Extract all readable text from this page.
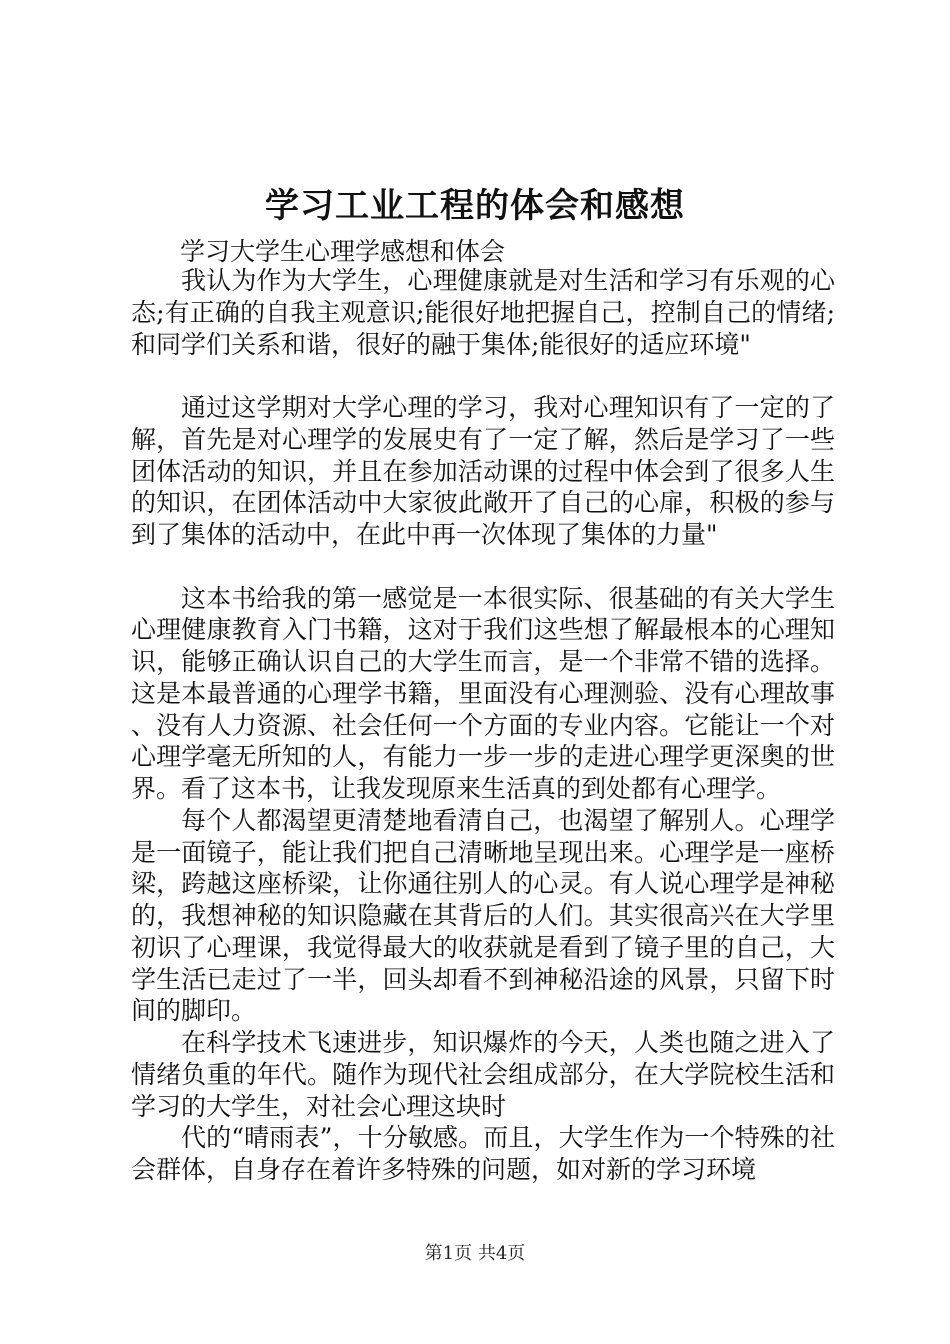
学习工业工程的体会和感想
学习大学生心理学感想和体会

我认为作为大学生，心理健康就是对生活和学习有乐观的心态;有正确的自我主观意识;能很好地把握自己，控制自己的情绪;和同学们关系和谐，很好的融于集体;能很好的适应环境"

通过这学期对大学心理的学习，我对心理知识有了一定的了解，首先是对心理学的发展史有了一定了解，然后是学习了一些团体活动的知识，并且在参加活动课的过程中体会到了很多人生的知识，在团体活动中大家彼此敞开了自己的心扉，积极的参与到了集体的活动中，在此中再一次体现了集体的力量"

这本书给我的第一感觉是一本很实际、很基础的有关大学生心理健康教育入门书籍，这对于我们这些想了解最根本的心理知识，能够正确认识自己的大学生而言，是一个非常不错的选择。这是本最普通的心理学书籍，里面没有心理测验、没有心理故事、没有人力资源、社会任何一个方面的专业内容。它能让一个对心理学毫无所知的人，有能力一步一步的走进心理学更深奥的世界。看了这本书，让我发现原来生活真的到处都有心理学。

每个人都渴望更清楚地看清自己，也渴望了解别人。心理学是一面镜子，能让我们把自己清晰地呈现出来。心理学是一座桥梁，跨越这座桥梁，让你通往别人的心灵。有人说心理学是神秘的，我想神秘的知识隐藏在其背后的人们。其实很高兴在大学里初识了心理课，我觉得最大的收获就是看到了镜子里的自己，大学生活已走过了一半，回头却看不到神秘沿途的风景，只留下时间的脚印。

在科学技术飞速进步，知识爆炸的今天，人类也随之进入了情绪负重的年代。随作为现代社会组成部分，在大学院校生活和学习的大学生，对社会心理这块时

代的“晴雨表”，十分敏感。而且，大学生作为一个特殊的社会群体，自身存在着许多特殊的问题，如对新的学习环境

第1页 共4页
